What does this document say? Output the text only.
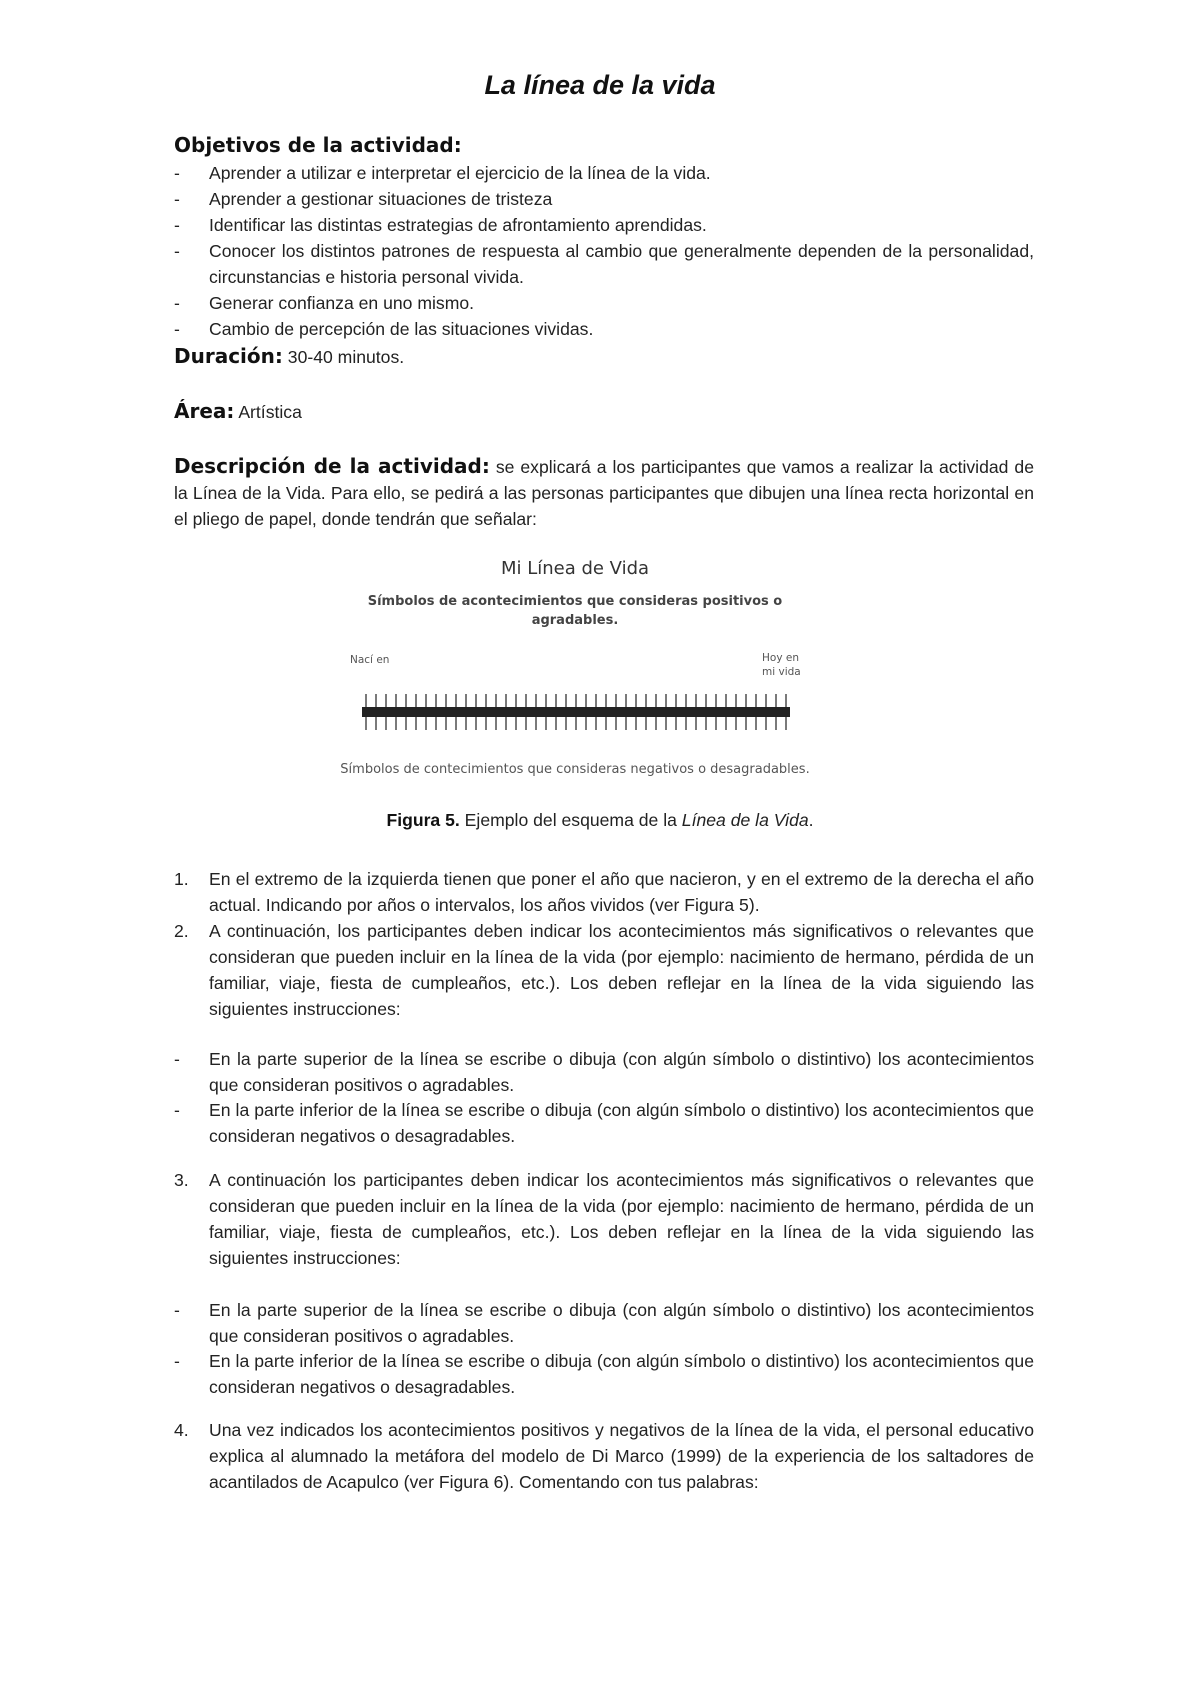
La línea de la vida
Objetivos de la actividad:
- Aprender a utilizar e interpretar el ejercicio de la línea de la vida.
- Aprender a gestionar situaciones de tristeza
- Identificar las distintas estrategias de afrontamiento aprendidas.
- Conocer los distintos patrones de respuesta al cambio que generalmente dependen de la personalidad, circunstancias e historia personal vivida.
- Generar confianza en uno mismo.
- Cambio de percepción de las situaciones vividas.
Duración: 30-40 minutos.
Área: Artística
Descripción de la actividad: se explicará a los participantes que vamos a realizar la actividad de la Línea de la Vida. Para ello, se pedirá a las personas participantes que dibujen una línea recta horizontal en el pliego de papel, donde tendrán que señalar:
Mi Línea de Vida
Símbolos de acontecimientos que consideras positivos o agradables.
Nací en	Hoy en mi vida
Símbolos de contecimientos que consideras negativos o desagradables.
Figura 5. Ejemplo del esquema de la Línea de la Vida.
1. En el extremo de la izquierda tienen que poner el año que nacieron, y en el extremo de la derecha el año actual. Indicando por años o intervalos, los años vividos (ver Figura 5).
2. A continuación, los participantes deben indicar los acontecimientos más significativos o relevantes que consideran que pueden incluir en la línea de la vida (por ejemplo: nacimiento de hermano, pérdida de un familiar, viaje, fiesta de cumpleaños, etc.). Los deben reflejar en la línea de la vida siguiendo las siguientes instrucciones:
- En la parte superior de la línea se escribe o dibuja (con algún símbolo o distintivo) los acontecimientos que consideran positivos o agradables.
- En la parte inferior de la línea se escribe o dibuja (con algún símbolo o distintivo) los acontecimientos que consideran negativos o desagradables.
3. A continuación los participantes deben indicar los acontecimientos más significativos o relevantes que consideran que pueden incluir en la línea de la vida (por ejemplo: nacimiento de hermano, pérdida de un familiar, viaje, fiesta de cumpleaños, etc.). Los deben reflejar en la línea de la vida siguiendo las siguientes instrucciones:
- En la parte superior de la línea se escribe o dibuja (con algún símbolo o distintivo) los acontecimientos que consideran positivos o agradables.
- En la parte inferior de la línea se escribe o dibuja (con algún símbolo o distintivo) los acontecimientos que consideran negativos o desagradables.
4. Una vez indicados los acontecimientos positivos y negativos de la línea de la vida, el personal educativo explica al alumnado la metáfora del modelo de Di Marco (1999) de la experiencia de los saltadores de acantilados de Acapulco (ver Figura 6). Comentando con tus palabras:
